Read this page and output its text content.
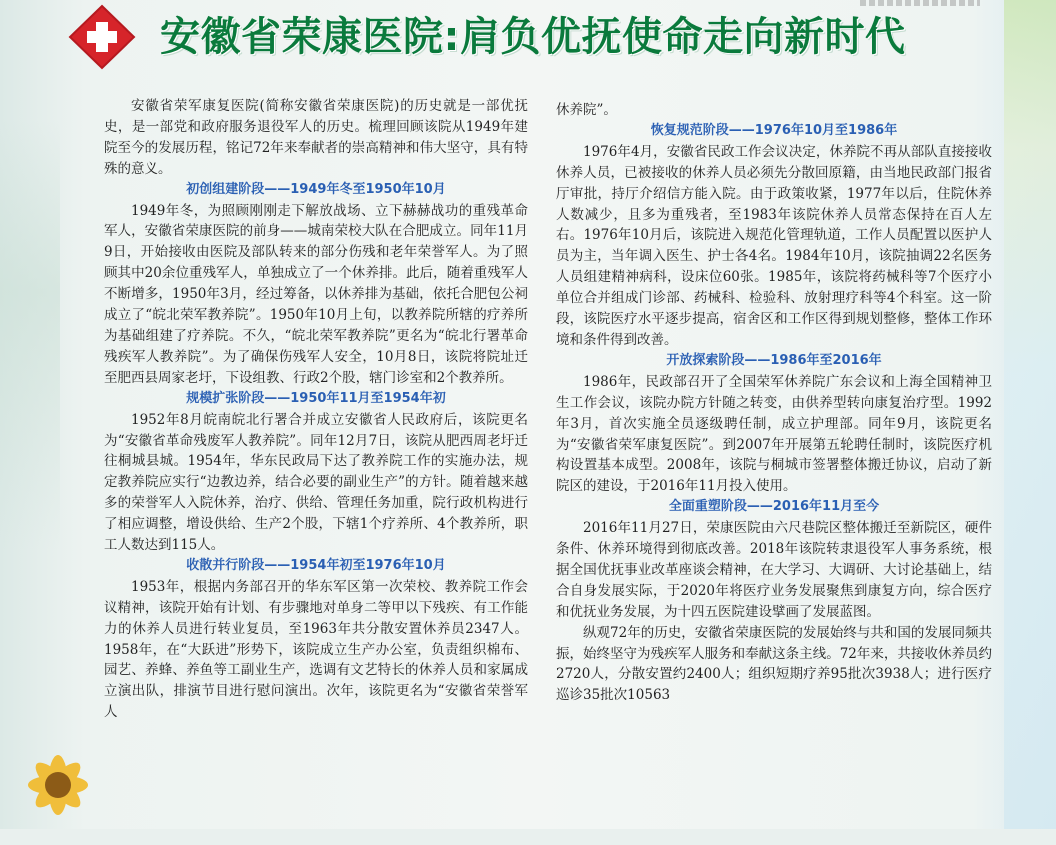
安徽省荣康医院:肩负优抚使命走向新时代

安徽省荣军康复医院(简称安徽省荣康医院)的历史就是一部优抚史，是一部党和政府服务退役军人的历史。梳理回顾该院从1949年建院至今的发展历程，铭记72年来奉献者的崇高精神和伟大坚守，具有特殊的意义。

初创组建阶段——1949年冬至1950年10月

1949年冬，为照顾刚刚走下解放战场、立下赫赫战功的重残革命军人，安徽省荣康医院的前身——城南荣校大队在合肥成立。同年11月9日，开始接收由医院及部队转来的部分伤残和老年荣誉军人。为了照顾其中20余位重残军人，单独成立了一个休养排。此后，随着重残军人不断增多，1950年3月，经过筹备，以休养排为基础，依托合肥包公祠成立了“皖北荣军教养院”。1950年10月上旬，以教养院所辖的疗养所为基础组建了疗养院。不久，“皖北荣军教养院”更名为“皖北行署革命残疾军人教养院”。为了确保伤残军人安全，10月8日，该院将院址迁至肥西县周家老圩，下设组教、行政2个股，辖门诊室和2个教养所。

规模扩张阶段——1950年11月至1954年初

1952年8月皖南皖北行署合并成立安徽省人民政府后，该院更名为“安徽省革命残废军人教养院”。同年12月7日，该院从肥西周老圩迁往桐城县城。1954年，华东民政局下达了教养院工作的实施办法，规定教养院应实行“边教边养，结合必要的副业生产”的方针。随着越来越多的荣誉军人入院休养，治疗、供给、管理任务加重，院行政机构进行了相应调整，增设供给、生产2个股，下辖1个疗养所、4个教养所，职工人数达到115人。

收散并行阶段——1954年初至1976年10月

1953年，根据内务部召开的华东军区第一次荣校、教养院工作会议精神，该院开始有计划、有步骤地对单身二等甲以下残疾、有工作能力的休养人员进行转业复员，至1963年共分散安置休养员2347人。1958年，在“大跃进”形势下，该院成立生产办公室，负责组织棉布、园艺、养蜂、养鱼等工副业生产，选调有文艺特长的休养人员和家属成立演出队，排演节目进行慰问演出。次年，该院更名为“安徽省荣誉军人

休养院”。

恢复规范阶段——1976年10月至1986年

1976年4月，安徽省民政工作会议决定，休养院不再从部队直接接收休养人员，已被接收的休养人员必须先分散回原籍，由当地民政部门报省厅审批，持厅介绍信方能入院。由于政策收紧，1977年以后，住院休养人数减少，且多为重残者，至1983年该院休养人员常态保持在百人左右。1976年10月后，该院进入规范化管理轨道，工作人员配置以医护人员为主，当年调入医生、护士各4名。1984年10月，该院抽调22名医务人员组建精神病科，设床位60张。1985年，该院将药械科等7个医疗小单位合并组成门诊部、药械科、检验科、放射理疗科等4个科室。这一阶段，该院医疗水平逐步提高，宿舍区和工作区得到规划整修，整体工作环境和条件得到改善。

开放探索阶段——1986年至2016年

1986年，民政部召开了全国荣军休养院广东会议和上海全国精神卫生工作会议，该院办院方针随之转变，由供养型转向康复治疗型。1992年3月，首次实施全员逐级聘任制，成立护理部。同年9月，该院更名为“安徽省荣军康复医院”。到2007年开展第五轮聘任制时，该院医疗机构设置基本成型。2008年，该院与桐城市签署整体搬迁协议，启动了新院区的建设，于2016年11月投入使用。

全面重塑阶段——2016年11月至今

2016年11月27日，荣康医院由六尺巷院区整体搬迁至新院区，硬件条件、休养环境得到彻底改善。2018年该院转隶退役军人事务系统，根据全国优抚事业改革座谈会精神，在大学习、大调研、大讨论基础上，结合自身发展实际，于2020年将医疗业务发展聚焦到康复方向，综合医疗和优抚业务发展，为十四五医院建设擘画了发展蓝图。

纵观72年的历史，安徽省荣康医院的发展始终与共和国的发展同频共振，始终坚守为残疾军人服务和奉献这条主线。72年来，共接收休养员约2720人，分散安置约2400人；组织短期疗养95批次3938人；进行医疗巡诊35批次10563
